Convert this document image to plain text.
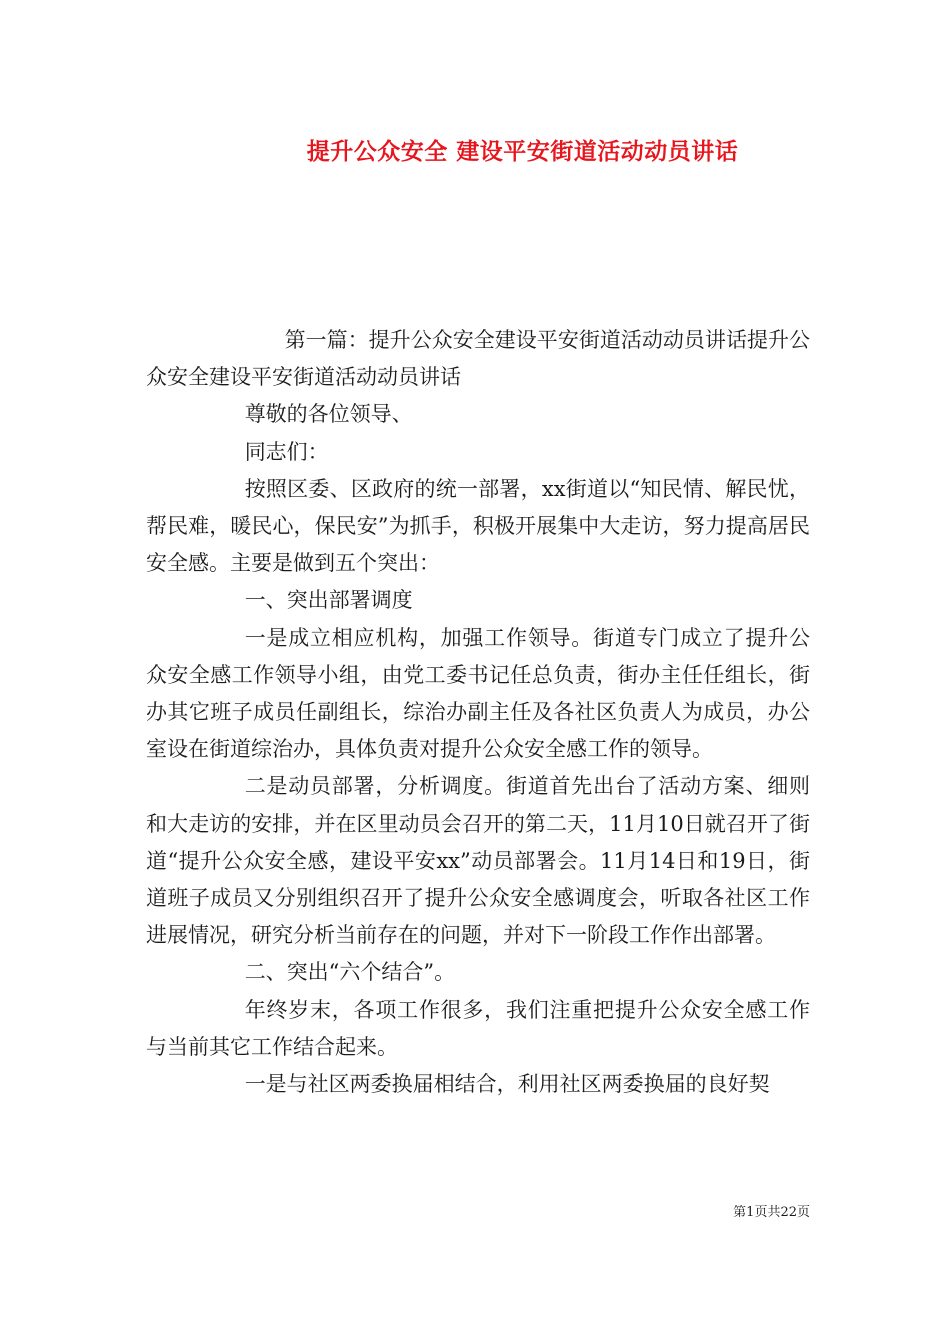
提升公众安全 建设平安街道活动动员讲话

第一篇：提升公众安全建设平安街道活动动员讲话提升公众安全建设平安街道活动动员讲话

尊敬的各位领导、

同志们：

按照区委、区政府的统一部署，xx街道以“知民情、解民忧，帮民难，暖民心，保民安”为抓手，积极开展集中大走访，努力提高居民安全感。主要是做到五个突出：

一、突出部署调度

一是成立相应机构，加强工作领导。街道专门成立了提升公众安全感工作领导小组，由党工委书记任总负责，街办主任任组长，街办其它班子成员任副组长，综治办副主任及各社区负责人为成员，办公室设在街道综治办，具体负责对提升公众安全感工作的领导。

二是动员部署，分析调度。街道首先出台了活动方案、细则和大走访的安排，并在区里动员会召开的第二天，11月10日就召开了街道“提升公众安全感，建设平安xx”动员部署会。11月14日和19日，街道班子成员又分别组织召开了提升公众安全感调度会，听取各社区工作进展情况，研究分析当前存在的问题，并对下一阶段工作作出部署。

二、突出“六个结合”。

年终岁末，各项工作很多，我们注重把提升公众安全感工作与当前其它工作结合起来。

一是与社区两委换届相结合，利用社区两委换届的良好契

第1页共22页
